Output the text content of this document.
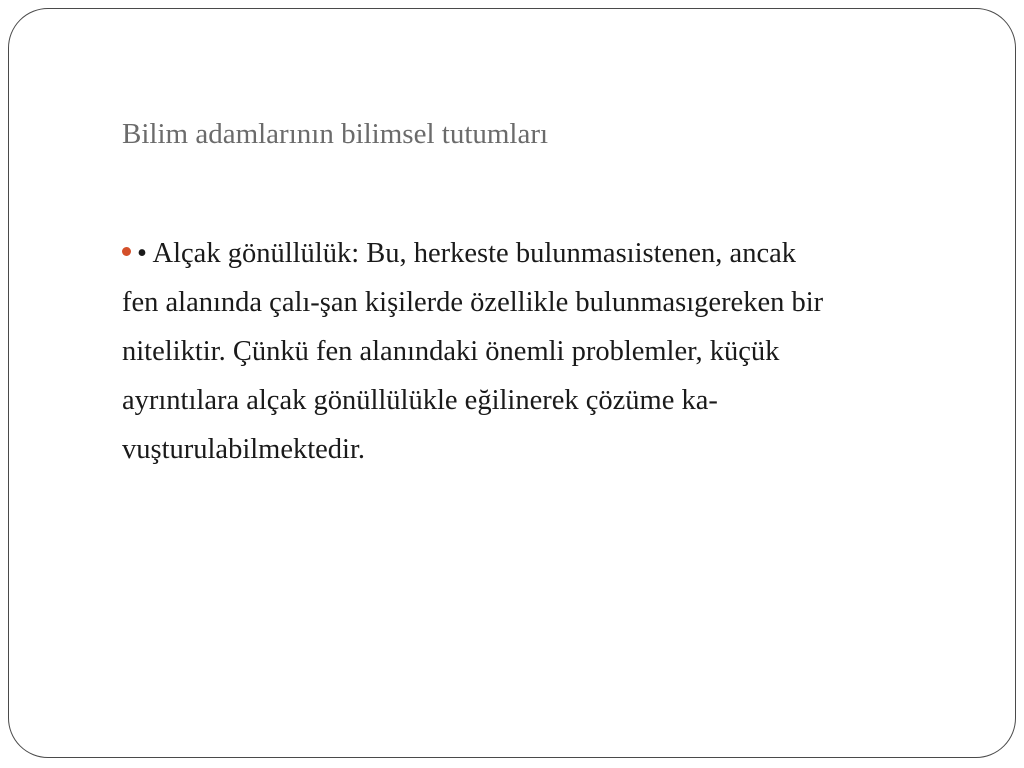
Bilim adamlarının bilimsel tutumları
• Alçak gönüllülük: Bu, herkeste bulunmasıistenen, ancak
fen alanında çalı-şan kişilerde özellikle bulunmasıgereken bir
niteliktir. Çünkü fen alanındaki önemli problemler, küçük
ayrıntılara alçak gönüllülükle eğilinerek çözüme ka-
vuşturulabilmektedir.
